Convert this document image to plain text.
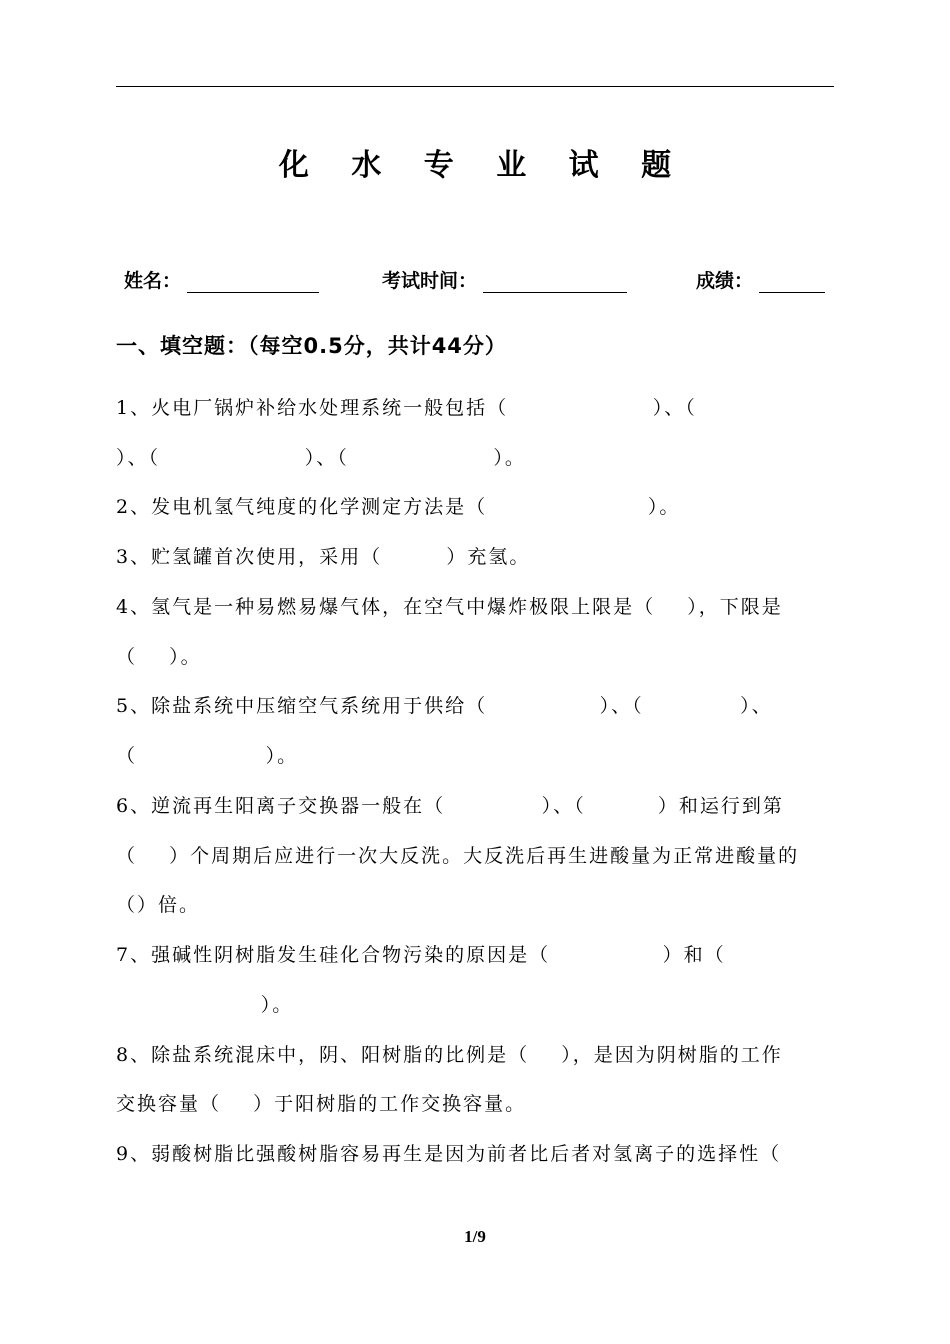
化 水 专 业 试 题
姓名：	考试时间：	成绩：
一、填空题：（每空0.5分，共计44分）
1、火电厂锅炉补给水处理系统一般包括（                  ）、（
）、（                  ）、（                  ）。
2、发电机氢气纯度的化学测定方法是（                    ）。
3、贮氢罐首次使用，采用（        ）充氢。
4、氢气是一种易燃易爆气体，在空气中爆炸极限上限是（    ），下限是
（    ）。
5、除盐系统中压缩空气系统用于供给（              ）、（            ）、
（                ）。
6、逆流再生阳离子交换器一般在（            ）、（         ）和运行到第
（    ）个周期后应进行一次大反洗。大反洗后再生进酸量为正常进酸量的
（）倍。
7、强碱性阴树脂发生硅化合物污染的原因是（              ）和（
）。
8、除盐系统混床中，阴、阳树脂的比例是（    ），是因为阴树脂的工作
交换容量（    ）于阳树脂的工作交换容量。
9、弱酸树脂比强酸树脂容易再生是因为前者比后者对氢离子的选择性（
1/9
